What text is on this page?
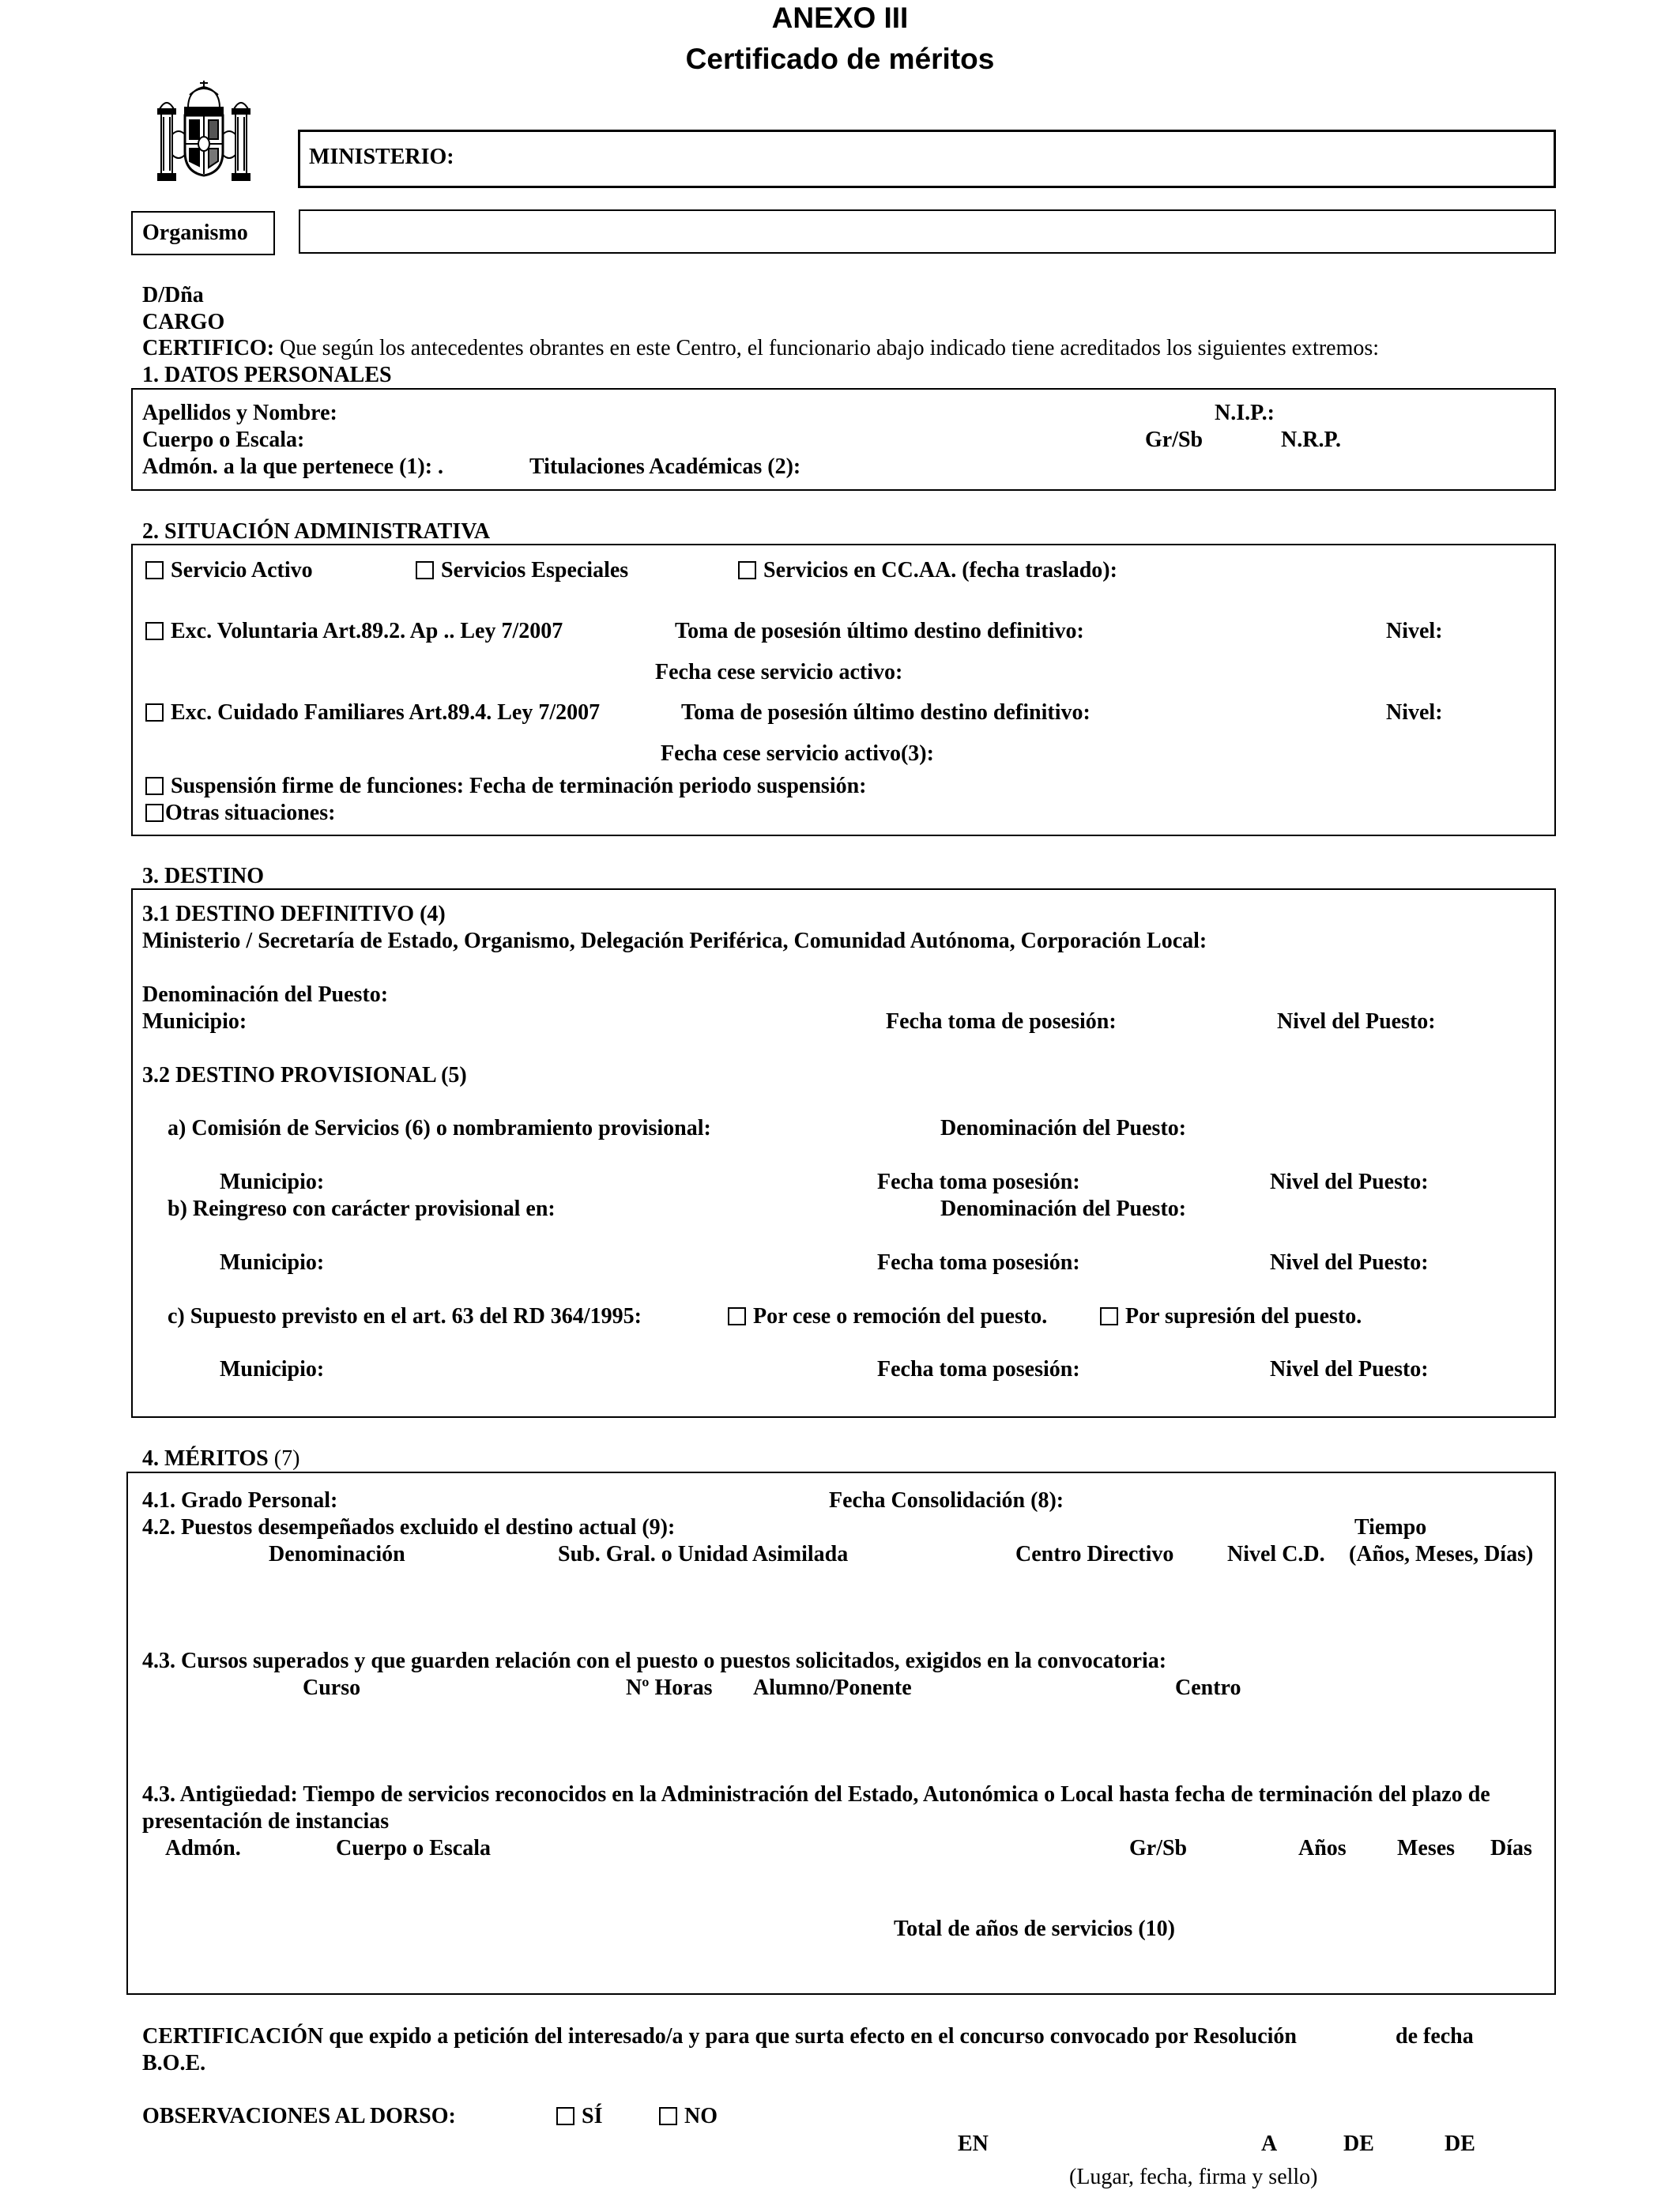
ANEXO III
Certificado de méritos
MINISTERIO:
Organismo
D/Dña
CARGO
CERTIFICO: Que según los antecedentes obrantes en este Centro, el funcionario abajo indicado tiene acreditados los siguientes extremos:
1. DATOS PERSONALES
Apellidos y Nombre:	N.I.P.:
Cuerpo o Escala:	Gr/Sb	N.R.P.
Admón. a la que pertenece (1): .	Titulaciones Académicas (2):
2. SITUACIÓN ADMINISTRATIVA
Servicio Activo	Servicios Especiales	Servicios en CC.AA. (fecha traslado):
Exc. Voluntaria Art.89.2. Ap .. Ley 7/2007	Toma de posesión último destino definitivo:	Nivel:
Fecha cese servicio activo:
Exc. Cuidado Familiares Art.89.4. Ley 7/2007	Toma de posesión último destino definitivo:	Nivel:
Fecha cese servicio activo(3):
Suspensión firme de funciones: Fecha de terminación periodo suspensión:
Otras situaciones:
3. DESTINO
3.1 DESTINO DEFINITIVO (4)
Ministerio / Secretaría de Estado, Organismo, Delegación Periférica, Comunidad Autónoma, Corporación Local:
Denominación del Puesto:
Municipio:	Fecha toma de posesión:	Nivel del Puesto:
3.2 DESTINO PROVISIONAL (5)
a) Comisión de Servicios (6) o nombramiento provisional:	Denominación del Puesto:
Municipio:	Fecha toma posesión:	Nivel del Puesto:
b) Reingreso con carácter provisional en:	Denominación del Puesto:
Municipio:	Fecha toma posesión:	Nivel del Puesto:
c) Supuesto previsto en el art. 63 del RD 364/1995:	Por cese o remoción del puesto.	Por supresión del puesto.
Municipio:	Fecha toma posesión:	Nivel del Puesto:
4. MÉRITOS (7)
4.1. Grado Personal:	Fecha Consolidación (8):
4.2. Puestos desempeñados excluido el destino actual (9):	Tiempo
Denominación	Sub. Gral. o Unidad Asimilada	Centro Directivo Nivel C.D. (Años, Meses, Días)
4.3. Cursos superados y que guarden relación con el puesto o puestos solicitados, exigidos en la convocatoria:
Curso	Nº Horas Alumno/Ponente	Centro
4.3. Antigüedad: Tiempo de servicios reconocidos en la Administración del Estado, Autonómica o Local hasta fecha de terminación del plazo de
presentación de instancias
Admón.	Cuerpo o Escala	Gr/Sb	Años Meses Días
Total de años de servicios (10)
CERTIFICACIÓN que expido a petición del interesado/a y para que surta efecto en el concurso convocado por Resolución	de fecha
B.O.E.
OBSERVACIONES AL DORSO:	SÍ	NO
EN	A	DE	DE
(Lugar, fecha, firma y sello)
